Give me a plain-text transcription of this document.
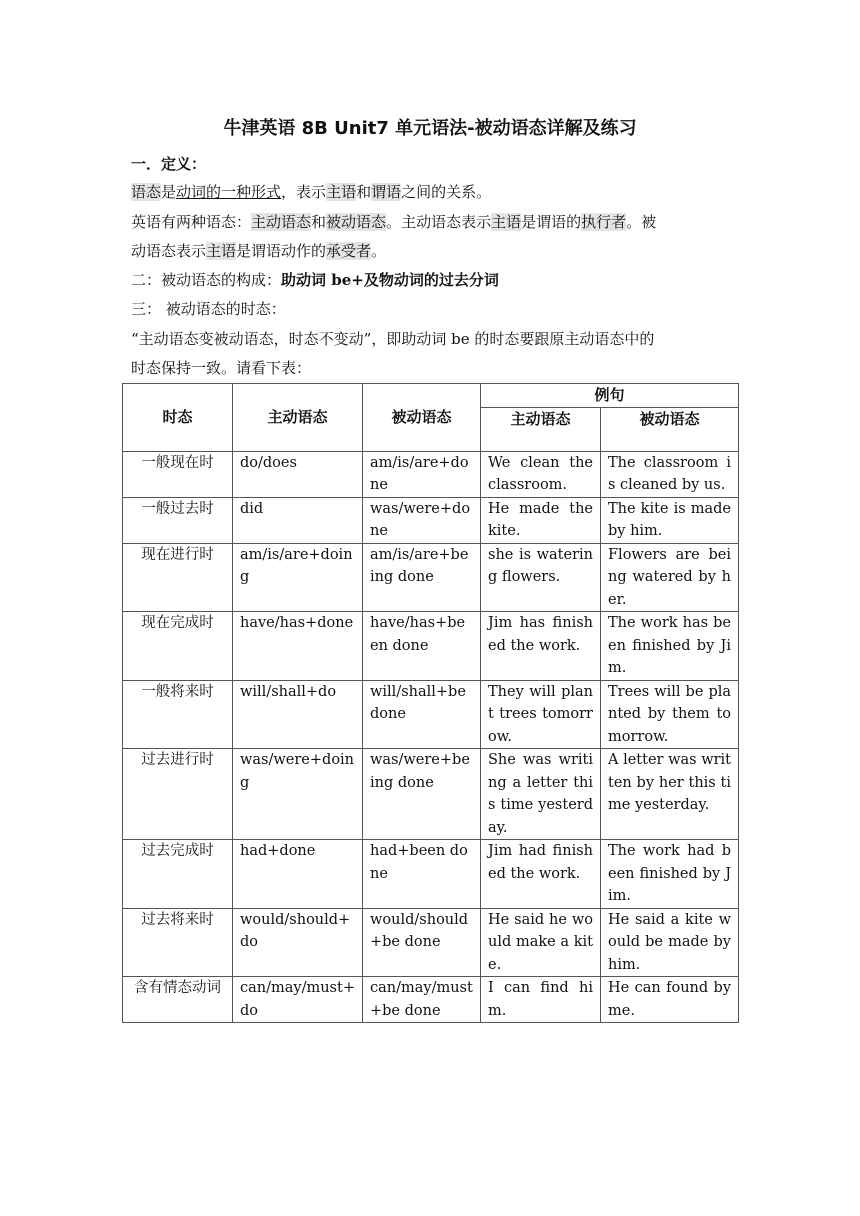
牛津英语 8B Unit7 单元语法-被动语态详解及练习
一．定义：
语态是动词的一种形式，表示主语和谓语之间的关系。
英语有两种语态：主动语态和被动语态。主动语态表示主语是谓语的执行者。被
动语态表示主语是谓语动作的承受者。
二：被动语态的构成：助动词 be+及物动词的过去分词
三： 被动语态的时态：
“主动语态变被动语态，时态不变动”，即助动词 be 的时态要跟原主动语态中的
时态保持一致。请看下表：
时态	主动语态	被动语态	例句	
			主动语态	被动语态
一般现在时	do/does	am/is/are+done	We clean the classroom.	The classroom is cleaned by us.
一般过去时	did	was/were+done	He made the kite.	The kite is made by him.
现在进行时	am/is/are+doing	am/is/are+being done	she is watering flowers.	Flowers are being watered by her.
现在完成时	have/has+done	have/has+been done	Jim has finished the work.	The work has been finished by Jim.
一般将来时	will/shall+do	will/shall+be done	They will plant trees tomorrow.	Trees will be planted by them tomorrow.
过去进行时	was/were+doing	was/were+being done	She was writing a letter this time yesterday.	A letter was written by her this time yesterday.
过去完成时	had+done	had+been done	Jim had finished the work.	The work had been finished by Jim.
过去将来时	would/should+do	would/should+be done	He said he would make a kite.	He said a kite would be made by him.
含有情态动词	can/may/must+do	can/may/must+be done	I can find him.	He can found by me.
